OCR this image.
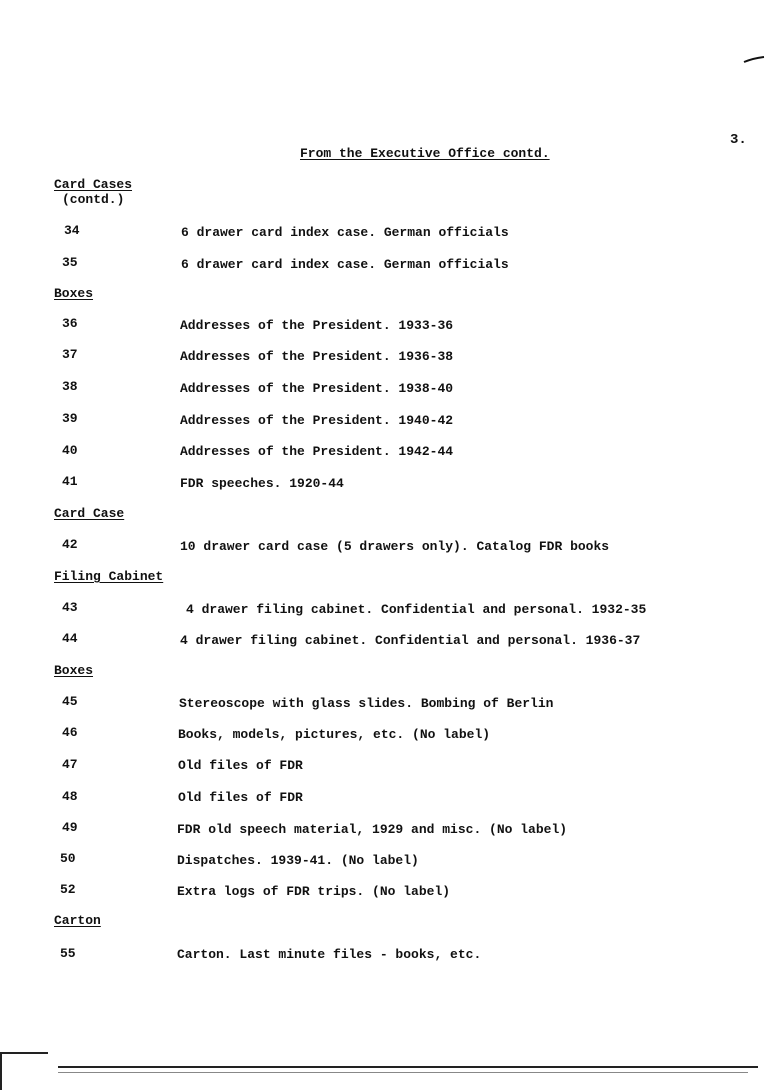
3.
From the Executive Office contd.
Card Cases
(contd.)
34	6 drawer card index case. German officials
35	6 drawer card index case. German officials
Boxes
36	Addresses of the President. 1933-36
37	Addresses of the President. 1936-38
38	Addresses of the President. 1938-40
39	Addresses of the President. 1940-42
40	Addresses of the President. 1942-44
41	FDR speeches. 1920-44
Card Case
42	10 drawer card case (5 drawers only). Catalog FDR books
Filing Cabinet
43	4 drawer filing cabinet. Confidential and personal. 1932-35
44	4 drawer filing cabinet. Confidential and personal. 1936-37
Boxes
45	Stereoscope with glass slides. Bombing of Berlin
46	Books, models, pictures, etc. (No label)
47	Old files of FDR
48	Old files of FDR
49	FDR old speech material, 1929 and misc. (No label)
50	Dispatches. 1939-41. (No label)
52	Extra logs of FDR trips. (No label)
Carton
55	Carton. Last minute files - books, etc.
